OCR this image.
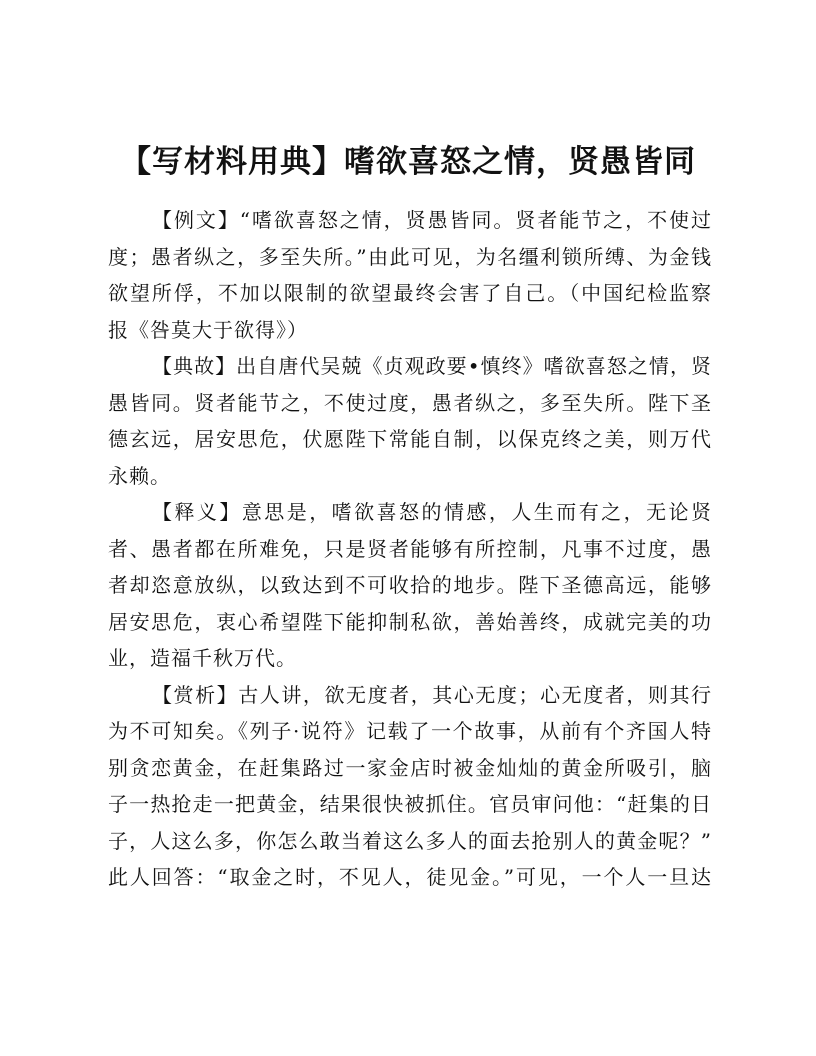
【写材料用典】嗜欲喜怒之情，贤愚皆同

【例文】“嗜欲喜怒之情，贤愚皆同。贤者能节之，不使过
度；愚者纵之，多至失所。”由此可见，为名缰利锁所缚、为金钱
欲望所俘，不加以限制的欲望最终会害了自己。（中国纪检监察
报《咎莫大于欲得》）

【典故】出自唐代吴兢《贞观政要•慎终》嗜欲喜怒之情，贤
愚皆同。贤者能节之，不使过度，愚者纵之，多至失所。陛下圣
德玄远，居安思危，伏愿陛下常能自制，以保克终之美，则万代
永赖。

【释义】意思是，嗜欲喜怒的情感，人生而有之，无论贤
者、愚者都在所难免，只是贤者能够有所控制，凡事不过度，愚
者却恣意放纵，以致达到不可收拾的地步。陛下圣德高远，能够
居安思危，衷心希望陛下能抑制私欲，善始善终，成就完美的功
业，造福千秋万代。

【赏析】古人讲，欲无度者，其心无度；心无度者，则其行
为不可知矣。《列子·说符》记载了一个故事，从前有个齐国人特
别贪恋黄金，在赶集路过一家金店时被金灿灿的黄金所吸引，脑
子一热抢走一把黄金，结果很快被抓住。官员审问他：“赶集的日
子，人这么多，你怎么敢当着这么多人的面去抢别人的黄金呢？”
此人回答：“取金之时，不见人，徒见金。”可见，一个人一旦达
